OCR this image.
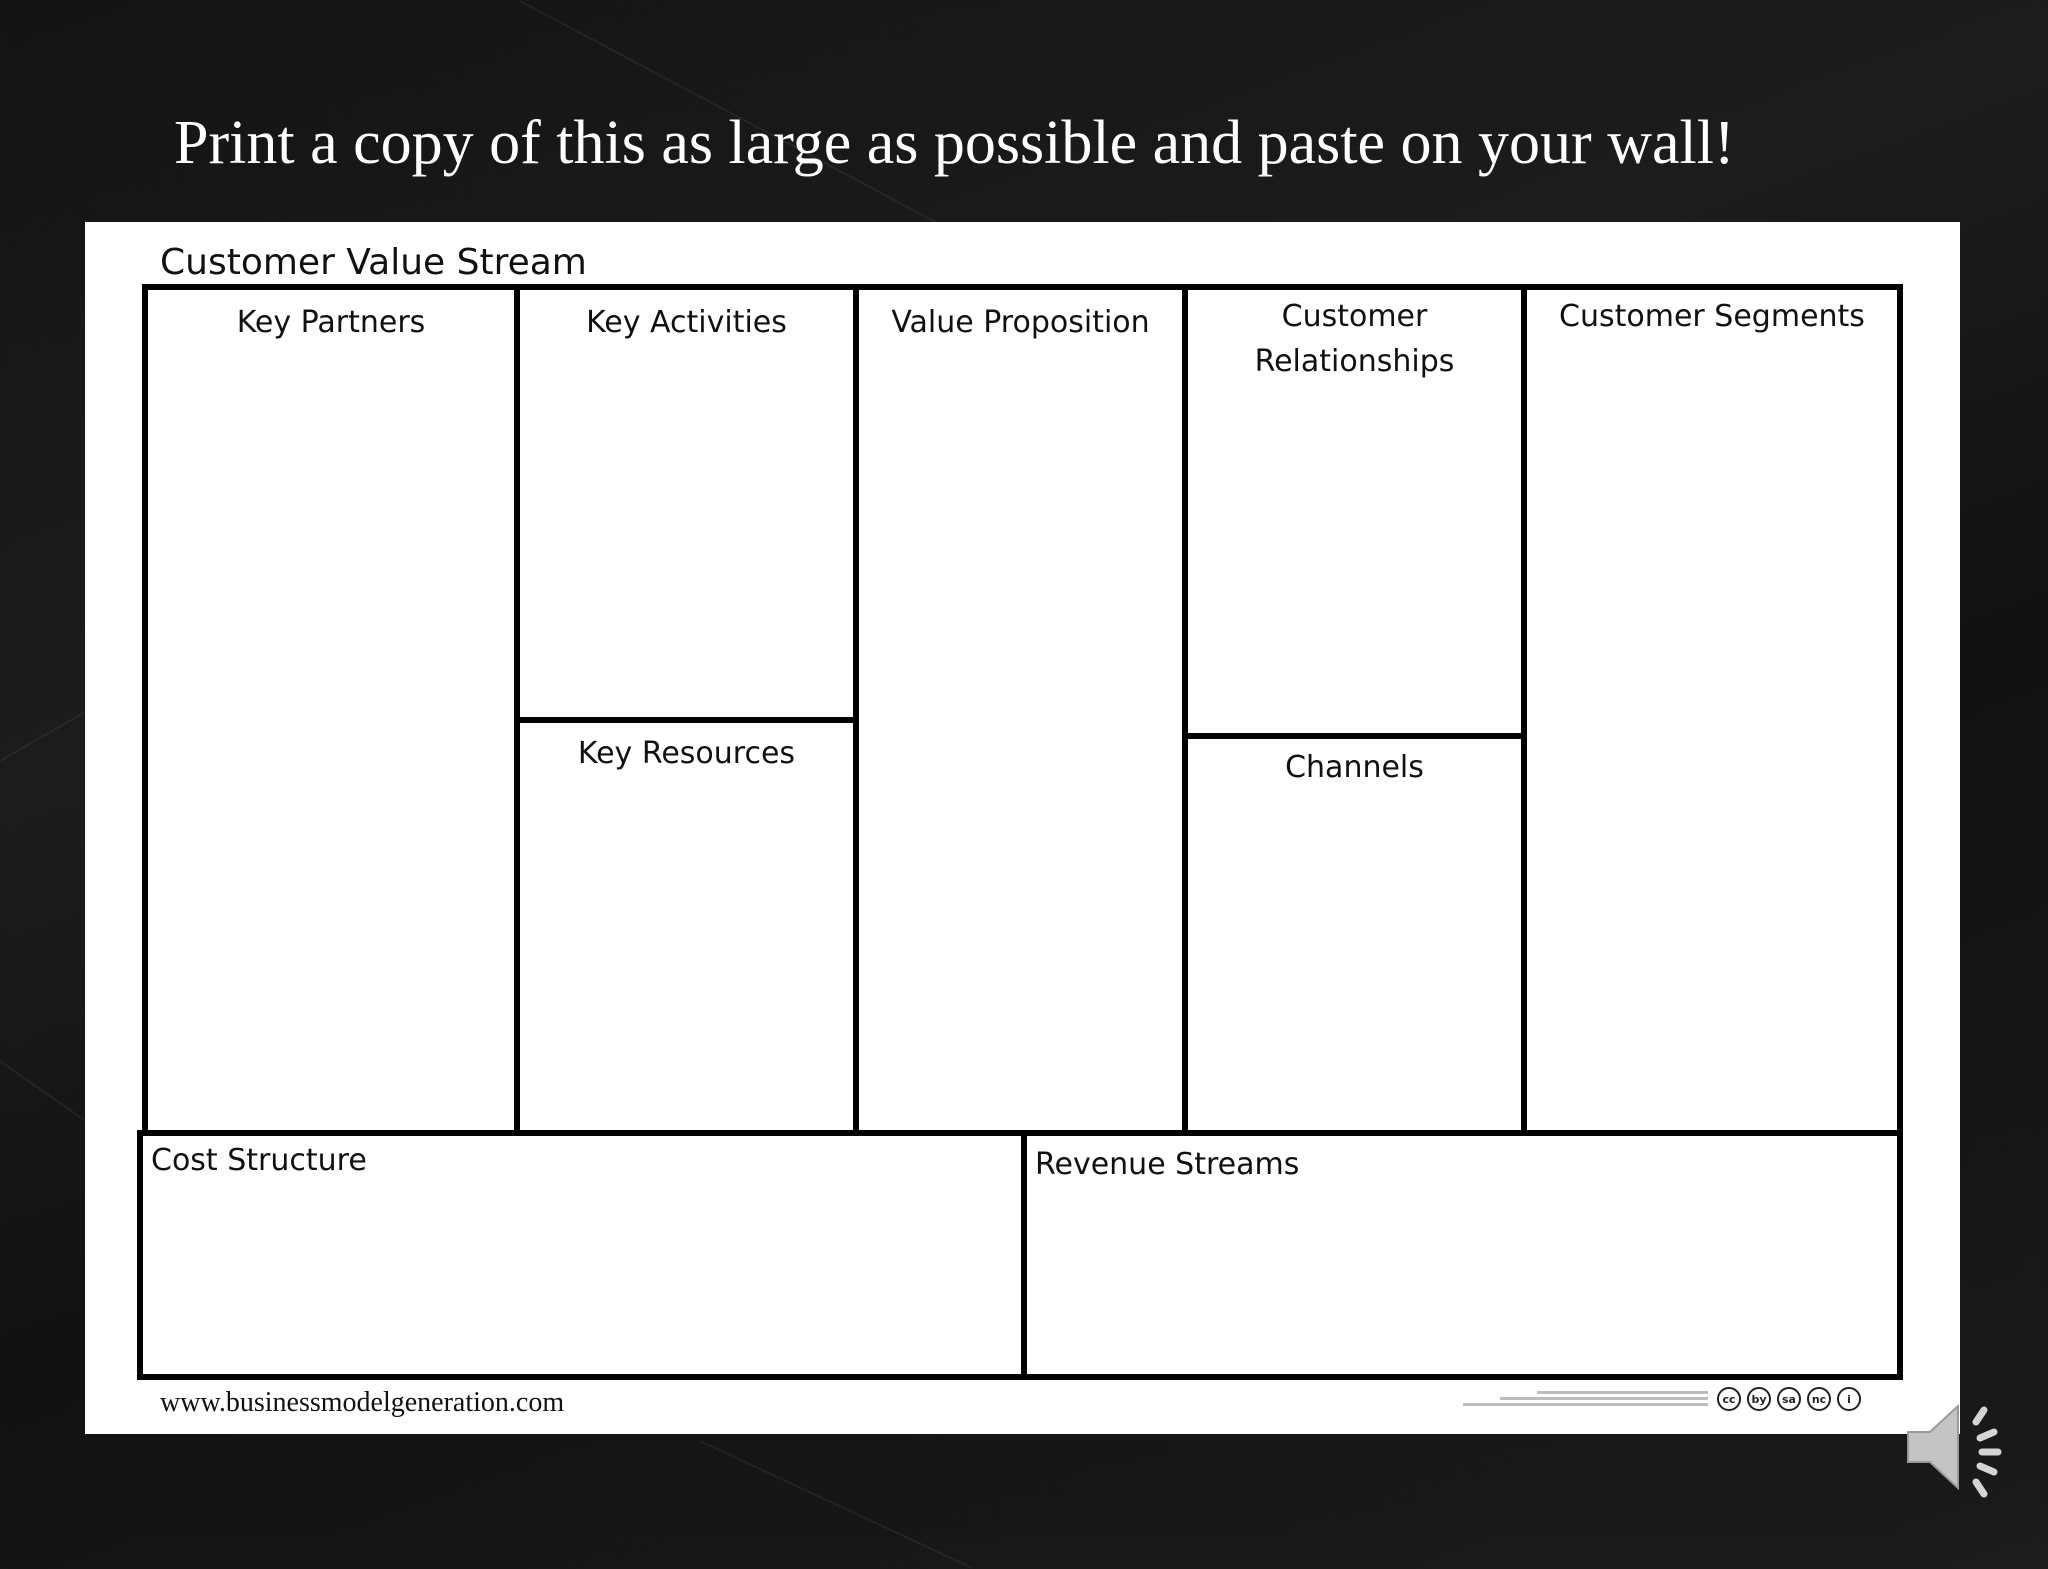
Print a copy of this as large as possible and paste on your wall!
Customer Value Stream
Key Partners	Key Activities
Key Resources
Value Proposition	Customer
Relationships
Channels
Customer Segments
Cost Structure	Revenue Streams
www.businessmodelgeneration.com	cc	by	sa	nc	i
